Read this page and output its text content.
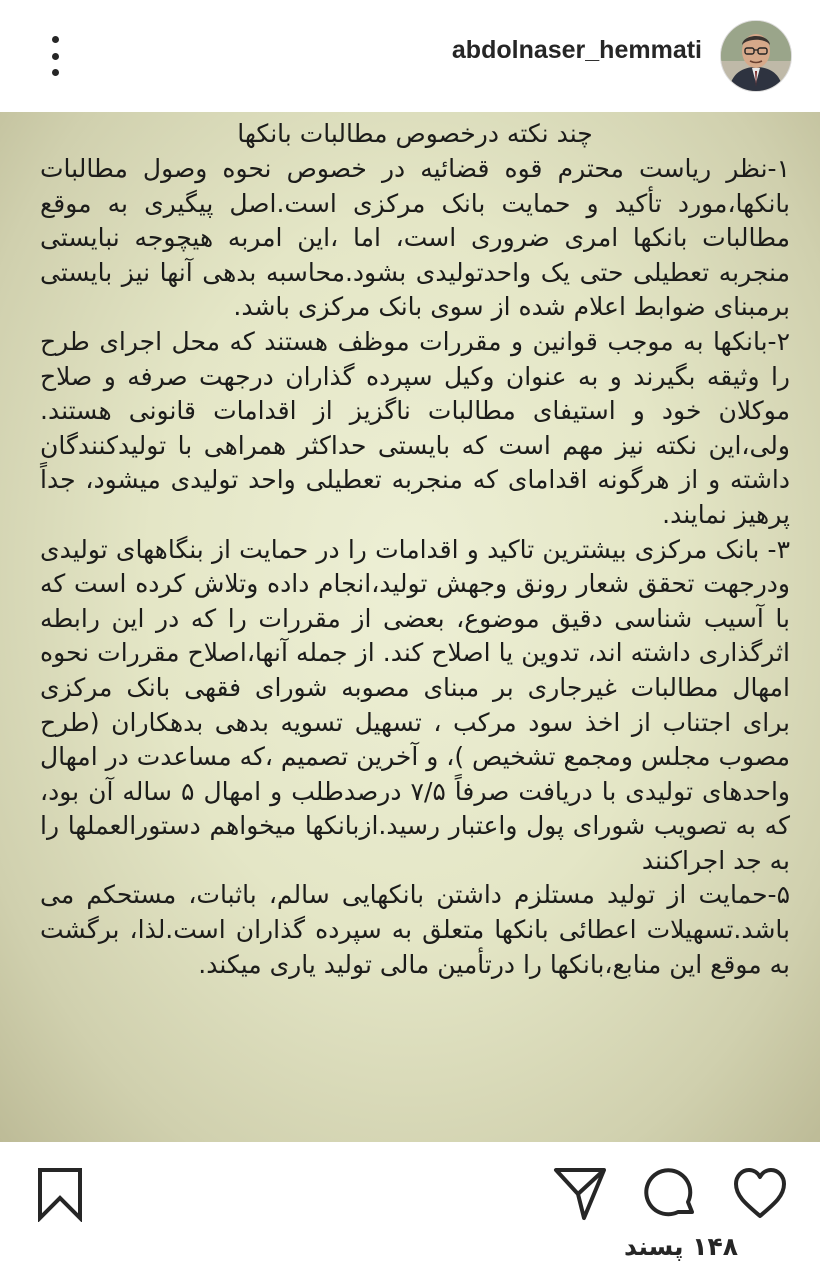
abdolnaser_hemmati
چند نکته درخصوص مطالبات بانکها

۱-نظر ریاست محترم قوه قضائیه در خصوص نحوه وصول مطالبات بانکها،مورد تأکید و حمایت بانک مرکزی است.اصل پیگیری به موقع مطالبات بانکها امری ضروری است، اما ،این امربه هیچوجه نبایستی منجربه تعطیلی حتی یک واحدتولیدی بشود.محاسبه بدهی آنها نیز بایستی برمبنای ضوابط اعلام شده از سوی بانک مرکزی باشد.

۲-بانکها به موجب قوانین و مقررات موظف هستند که محل اجرای طرح را وثیقه بگیرند و به عنوان وکیل سپرده گذاران درجهت صرفه و صلاح موکلان خود و استیفای مطالبات ناگزیز از اقدامات قانونی هستند. ولی،این نکته نیز مهم است که بایستی حداکثر همراهی با تولیدکنندگان داشته و از هرگونه اقدامای که منجربه تعطیلی واحد تولیدی میشود، جداً پرهیز نمایند.

۳- بانک مرکزی بیشترین تاکید و اقدامات را در حمایت از بنگاههای تولیدی ودرجهت تحقق شعار رونق وجهش تولید،انجام داده وتلاش کرده است که با آسیب شناسی دقیق موضوع، بعضی از مقررات را که در این رابطه اثرگذاری داشته اند، تدوین یا اصلاح کند. از جمله آنها،اصلاح مقررات نحوه امهال مطالبات غیرجاری بر مبنای مصوبه شورای فقهی بانک مرکزی برای اجتناب از اخذ سود مرکب ، تسهیل تسویه بدهی بدهکاران (طرح مصوب مجلس ومجمع تشخیص )، و آخرین تصمیم ،که مساعدت در امهال واحدهای تولیدی با دریافت صرفاً ۷/۵ درصدطلب و امهال ۵ ساله آن بود، که به تصویب شورای پول واعتبار رسید.ازبانکها میخواهم دستورالعملها را به جد اجراکنند

۵-حمایت از تولید مستلزم داشتن بانکهایی سالم، باثبات، مستحکم می باشد.تسهیلات اعطائی بانکها متعلق به سپرده گذاران است.لذا، برگشت به موقع این منابع،بانکها را درتأمین مالی تولید یاری میکند.

۱۴۸ پسند
